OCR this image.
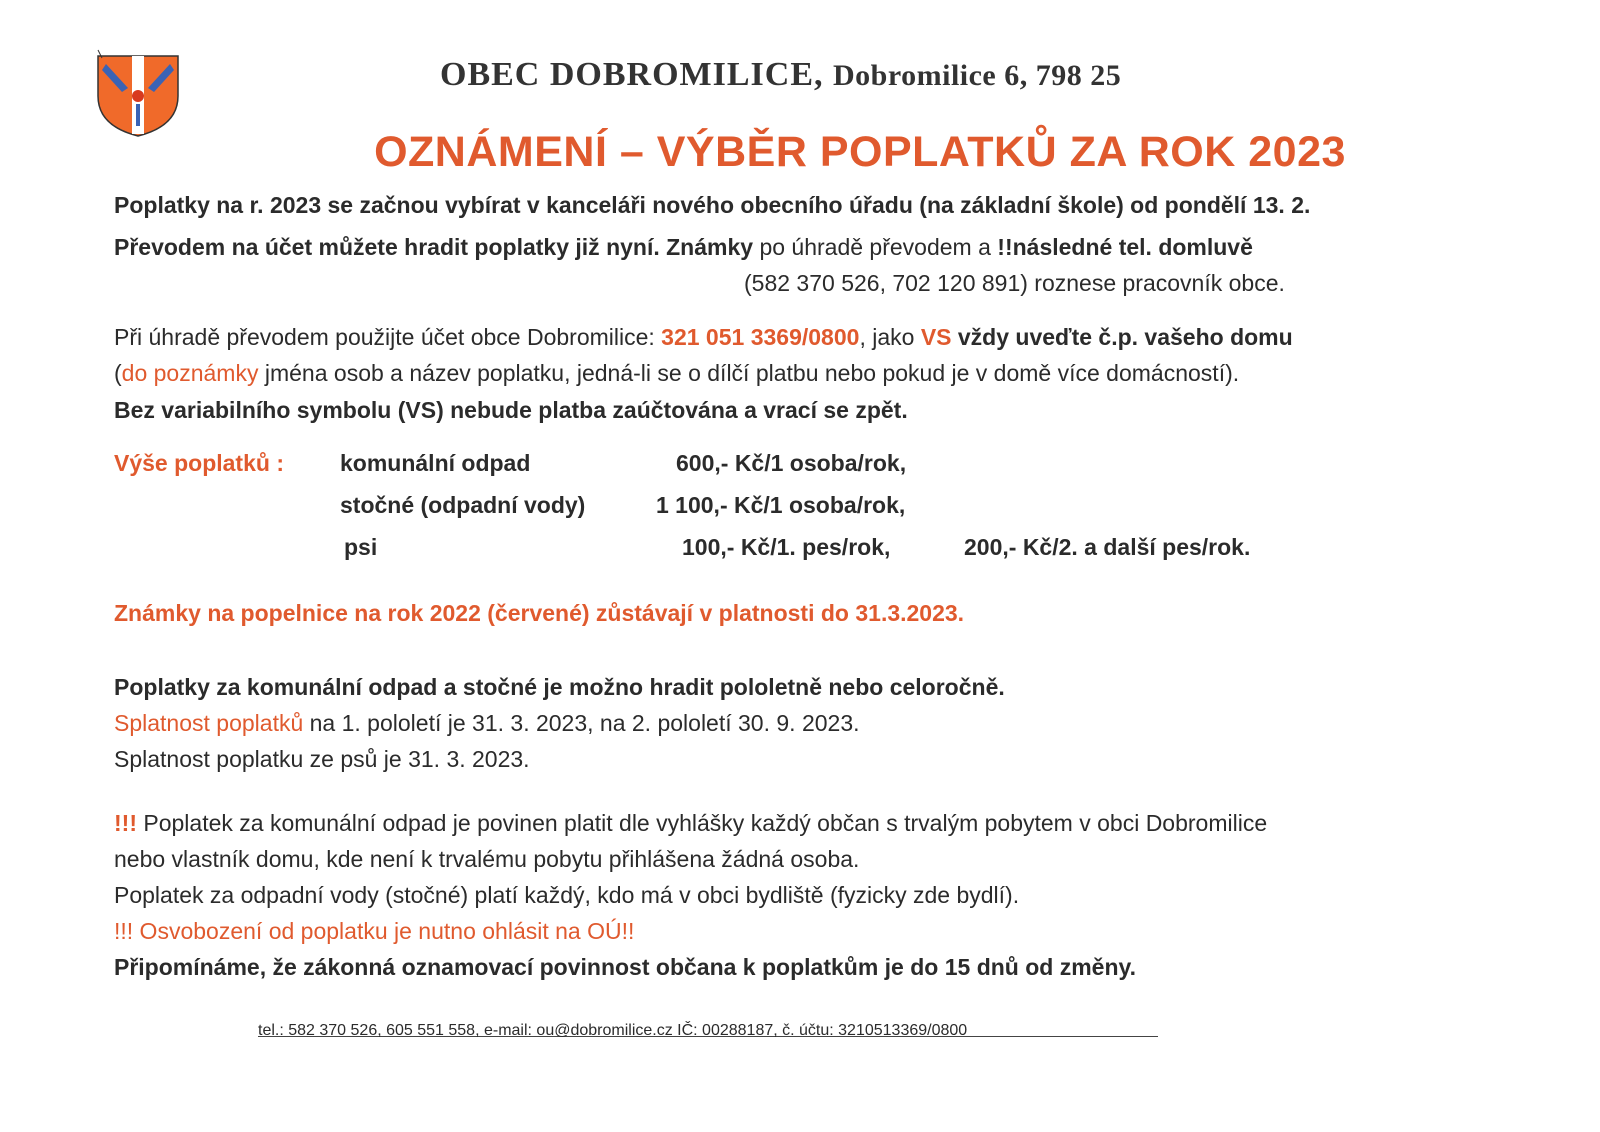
OBEC DOBROMILICE, Dobromilice 6, 798 25
OZNÁMENÍ – VÝBĚR POPLATKŮ ZA ROK 2023
Poplatky na r. 2023 se začnou vybírat v kanceláři nového obecního úřadu (na základní škole) od pondělí 13. 2.
Převodem na účet můžete hradit poplatky již nyní. Známky po úhradě převodem a !!následné tel. domluvě
(582 370 526, 702 120 891) roznese pracovník obce.
Při úhradě převodem použijte účet obce Dobromilice: 321 051 3369/0800, jako VS vždy uveďte č.p. vašeho domu
(do poznámky jména osob a název poplatku, jedná-li se o dílčí platbu nebo pokud je v domě více domácností).
Bez variabilního symbolu (VS) nebude platba zaúčtována a vrací se zpět.
Výše poplatků : komunální odpad	600,- Kč/1 osoba/rok,
stočné (odpadní vody)	1 100,- Kč/1 osoba/rok,
psi	100,- Kč/1. pes/rok,	200,- Kč/2. a další pes/rok.
Známky na popelnice na rok 2022 (červené) zůstávají v platnosti do 31.3.2023.
Poplatky za komunální odpad a stočné je možno hradit pololetně nebo celoročně.
Splatnost poplatků na 1. pololetí je 31. 3. 2023, na 2. pololetí 30. 9. 2023.
Splatnost poplatku ze psů je 31. 3. 2023.
!!! Poplatek za komunální odpad je povinen platit dle vyhlášky každý občan s trvalým pobytem v obci Dobromilice
nebo vlastník domu, kde není k trvalému pobytu přihlášena žádná osoba.
Poplatek za odpadní vody (stočné) platí každý, kdo má v obci bydliště (fyzicky zde bydlí).
!!! Osvobození od poplatku je nutno ohlásit na OÚ!!
Připomínáme, že zákonná oznamovací povinnost občana k poplatkům je do 15 dnů od změny.
tel.: 582 370 526, 605 551 558, e-mail: ou@dobromilice.cz IČ: 00288187, č. účtu: 3210513369/0800
